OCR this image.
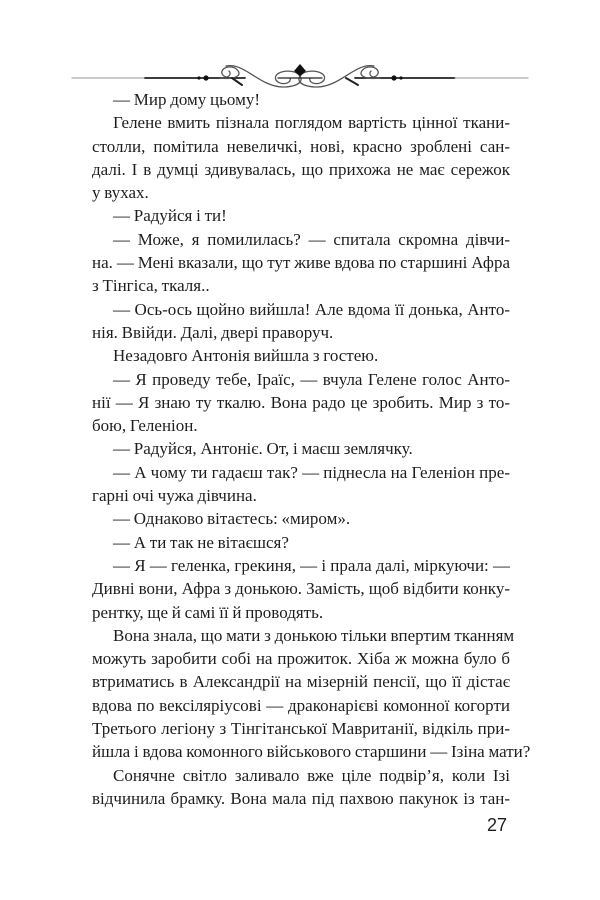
— Мир дому цьому!
Гелене вмить пізнала поглядом вартість цінної ткани-
столли, помітила невеличкі, нові, красно зроблені сан-
далі. І в думці здивувалась, що прихожа не має сережок
у вухах.
— Радуйся і ти!
— Може, я помилилась? — спитала скромна дівчи-
на. — Мені вказали, що тут живе вдова по старшині Афра
з Тінгіса, ткаля..
— Ось-ось щойно вийшла! Але вдома її донька, Анто-
нія. Ввійди. Далі, двері праворуч.
Незадовго Антонія вийшла з гостею.
— Я проведу тебе, Іраїс, — вчула Гелене голос Анто-
нії — Я знаю ту ткалю. Вона радо це зробить. Мир з то-
бою, Геленіон.
— Радуйся, Антоніє. От, і маєш землячку.
— А чому ти гадаєш так? — піднесла на Геленіон пре-
гарні очі чужа дівчина.
— Однаково вітаєтесь: «миром».
— А ти так не вітаєшся?
— Я — геленка, грекиня, — і прала далі, міркуючи: —
Дивні вони, Афра з донькою. Замість, щоб відбити конку-
рентку, ще й самі її й проводять.
Вона знала, що мати з донькою тільки впертим тканням
можуть заробити собі на прожиток. Хіба ж можна було б
втриматись в Александрії на мізерній пенсії, що її дістає
вдова по вексіляріусові — драконарієві комонної когорти
Третього легіону з Тінгітанської Мавританії, відкіль при-
йшла і вдова комонного військового старшини — Ізіна мати?
Сонячне світло заливало вже ціле подвір’я, коли Ізі
відчинила брамку. Вона мала під пахвою пакунок із тан-
27
